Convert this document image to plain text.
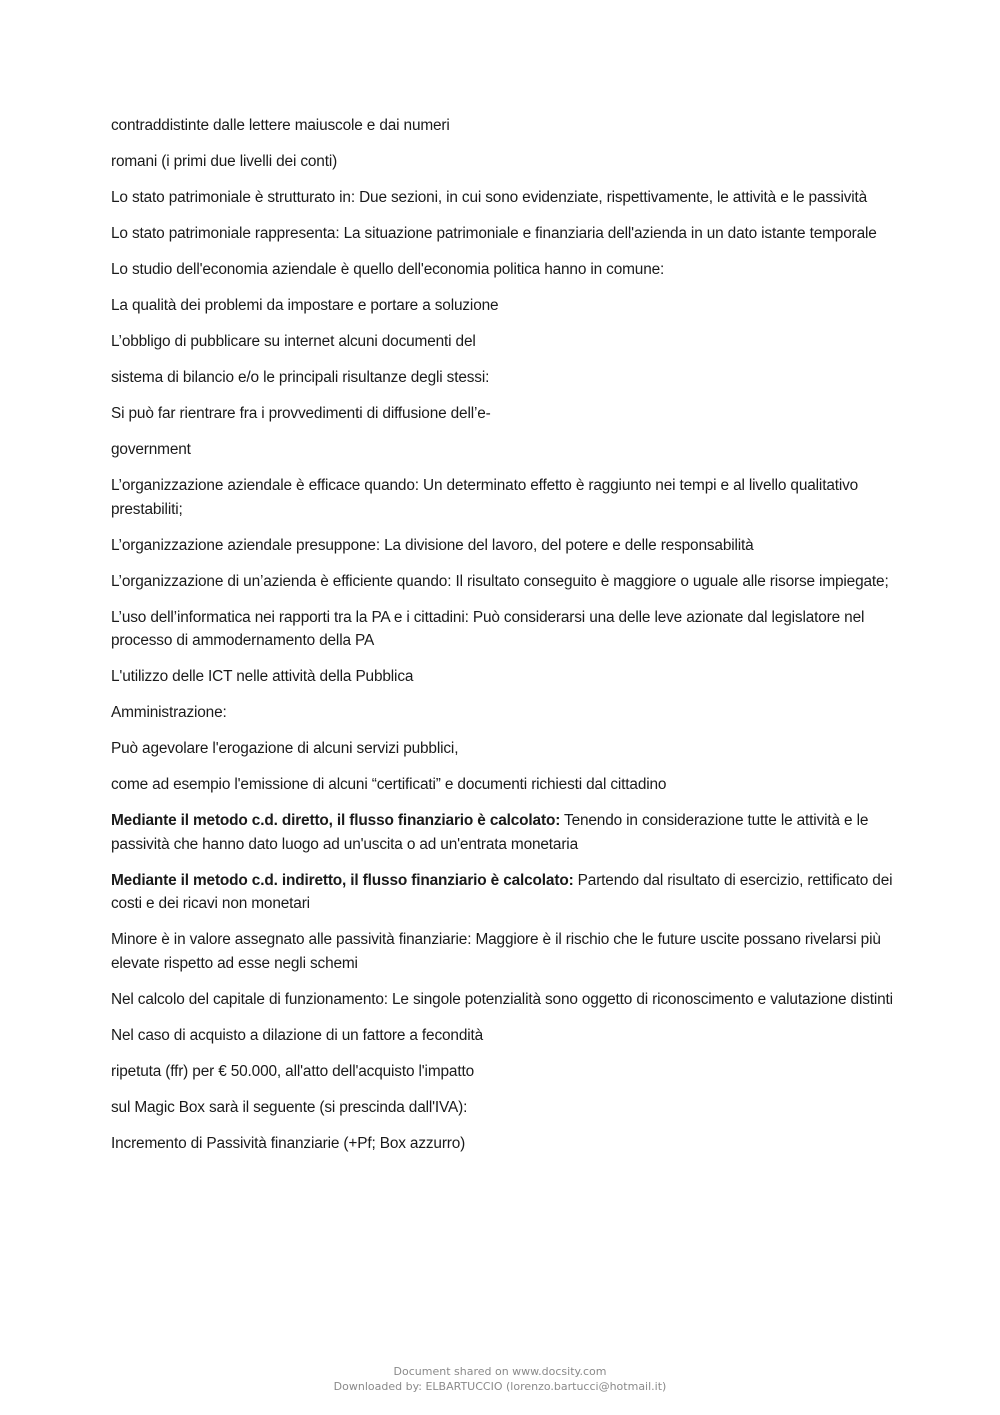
contraddistinte dalle lettere maiuscole e dai numeri
romani (i primi due livelli dei conti)
Lo stato patrimoniale è strutturato in: Due sezioni, in cui sono evidenziate, rispettivamente, le attività e le passività
Lo stato patrimoniale rappresenta: La situazione patrimoniale e finanziaria dell'azienda in un dato istante temporale
Lo studio dell'economia aziendale è quello dell'economia politica hanno in comune:
La qualità dei problemi da impostare e portare a soluzione
L’obbligo di pubblicare su internet alcuni documenti del
sistema di bilancio e/o le principali risultanze degli stessi:
Si può far rientrare fra i provvedimenti di diffusione dell’e-
government
L’organizzazione aziendale è efficace quando: Un determinato effetto è raggiunto nei tempi e al livello qualitativo prestabiliti;
L’organizzazione aziendale presuppone: La divisione del lavoro, del potere e delle responsabilità
L’organizzazione di un’azienda è efficiente quando: Il risultato conseguito è maggiore o uguale alle risorse impiegate;
L’uso dell’informatica nei rapporti tra la PA e i cittadini: Può considerarsi una delle leve azionate dal legislatore nel processo di ammodernamento della PA
L'utilizzo delle ICT nelle attività della Pubblica
Amministrazione:
Può agevolare l'erogazione di alcuni servizi pubblici,
come ad esempio l'emissione di alcuni “certificati” e documenti richiesti dal cittadino
Mediante il metodo c.d. diretto, il flusso finanziario è calcolato: Tenendo in considerazione tutte le attività e le passività che hanno dato luogo ad un'uscita o ad un'entrata monetaria
Mediante il metodo c.d. indiretto, il flusso finanziario è calcolato: Partendo dal risultato di esercizio, rettificato dei costi e dei ricavi non monetari
Minore è in valore assegnato alle passività finanziarie: Maggiore è il rischio che le future uscite possano rivelarsi più elevate rispetto ad esse negli schemi
Nel calcolo del capitale di funzionamento: Le singole potenzialità sono oggetto di riconoscimento e valutazione distinti
Nel caso di acquisto a dilazione di un fattore a fecondità
ripetuta (ffr) per € 50.000, all'atto dell'acquisto l'impatto
sul Magic Box sarà il seguente (si prescinda dall'IVA):
Incremento di Passività finanziarie (+Pf; Box azzurro)
Document shared on www.docsity.com
Downloaded by: ELBARTUCCIO (lorenzo.bartucci@hotmail.it)
